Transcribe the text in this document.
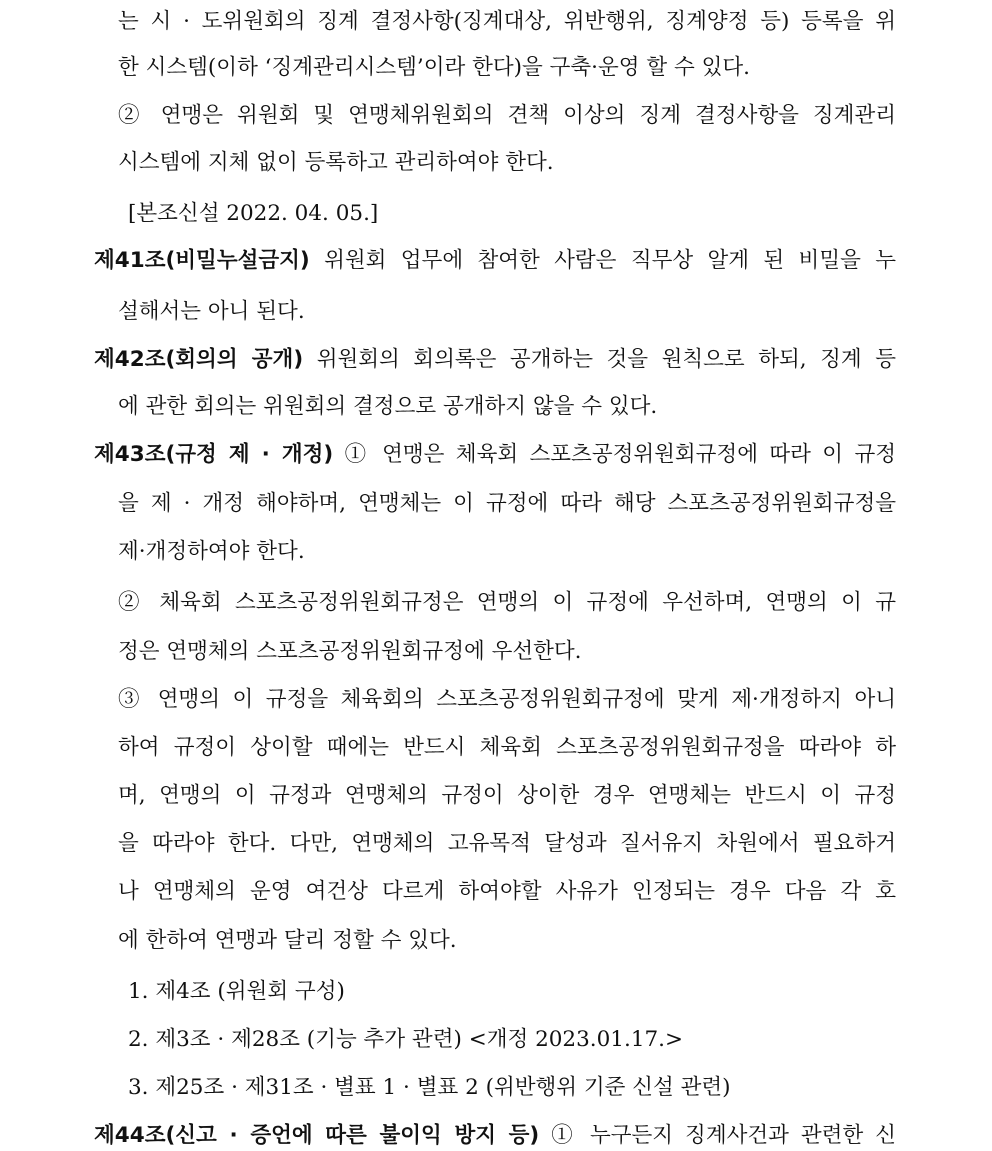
는 시 · 도위원회의 징계 결정사항(징계대상, 위반행위, 징계양정 등) 등록을 위
한 시스템(이하 ‘징계관리시스템’이라 한다)을 구축·운영 할 수 있다.
② 연맹은 위원회 및 연맹체위원회의 견책 이상의 징계 결정사항을 징계관리
시스템에 지체 없이 등록하고 관리하여야 한다.
[본조신설 2022. 04. 05.]
제41조(비밀누설금지) 위원회 업무에 참여한 사람은 직무상 알게 된 비밀을 누
설해서는 아니 된다.
제42조(회의의 공개) 위원회의 회의록은 공개하는 것을 원칙으로 하되, 징계 등
에 관한 회의는 위원회의 결정으로 공개하지 않을 수 있다.
제43조(규정 제 · 개정) ① 연맹은 체육회 스포츠공정위원회규정에 따라 이 규정
을 제 · 개정 해야하며, 연맹체는 이 규정에 따라 해당 스포츠공정위원회규정을
제·개정하여야 한다.
② 체육회 스포츠공정위원회규정은 연맹의 이 규정에 우선하며, 연맹의 이 규
정은 연맹체의 스포츠공정위원회규정에 우선한다.
③ 연맹의 이 규정을 체육회의 스포츠공정위원회규정에 맞게 제·개정하지 아니
하여 규정이 상이할 때에는 반드시 체육회 스포츠공정위원회규정을 따라야 하
며, 연맹의 이 규정과 연맹체의 규정이 상이한 경우 연맹체는 반드시 이 규정
을 따라야 한다. 다만, 연맹체의 고유목적 달성과 질서유지 차원에서 필요하거
나 연맹체의 운영 여건상 다르게 하여야할 사유가 인정되는 경우 다음 각 호
에 한하여 연맹과 달리 정할 수 있다.
1. 제4조 (위원회 구성)
2. 제3조 · 제28조 (기능 추가 관련) <개정 2023.01.17.>
3. 제25조 · 제31조 · 별표 1 · 별표 2 (위반행위 기준 신설 관련)
제44조(신고 · 증언에 따른 불이익 방지 등) ① 누구든지 징계사건과 관련한 신
